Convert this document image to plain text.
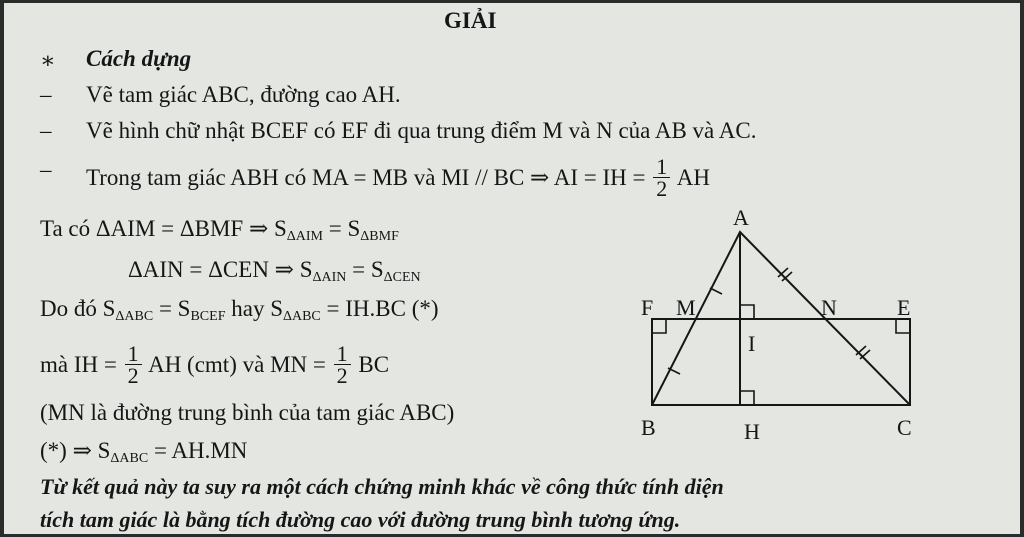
GIẢI
∗ Cách dựng
– Vẽ tam giác ABC, đường cao AH.
– Vẽ hình chữ nhật BCEF có EF đi qua trung điểm M và N của AB và AC.
– Trong tam giác ABH có MA = MB và MI // BC ⇒ AI = IH = $\frac{1}{2}$ AH
Ta có ΔAIM = ΔBMF ⇒ SΔAIM = SΔBMF
ΔAIN = ΔCEN ⇒ SΔAIN = SΔCEN
Do đó SΔABC = SBCEF hay SΔABC = IH.BC (*)
mà IH = $\frac{1}{2}$ AH (cmt) và MN = $\frac{1}{2}$ BC
(MN là đường trung bình của tam giác ABC)
(*) ⇒ SΔABC = AH.MN
Từ kết quả này ta suy ra một cách chứng minh khác về công thức tính diện
tích tam giác là bằng tích đường cao với đường trung bình tương ứng.
A
B	C
F M	N	E
I
H
